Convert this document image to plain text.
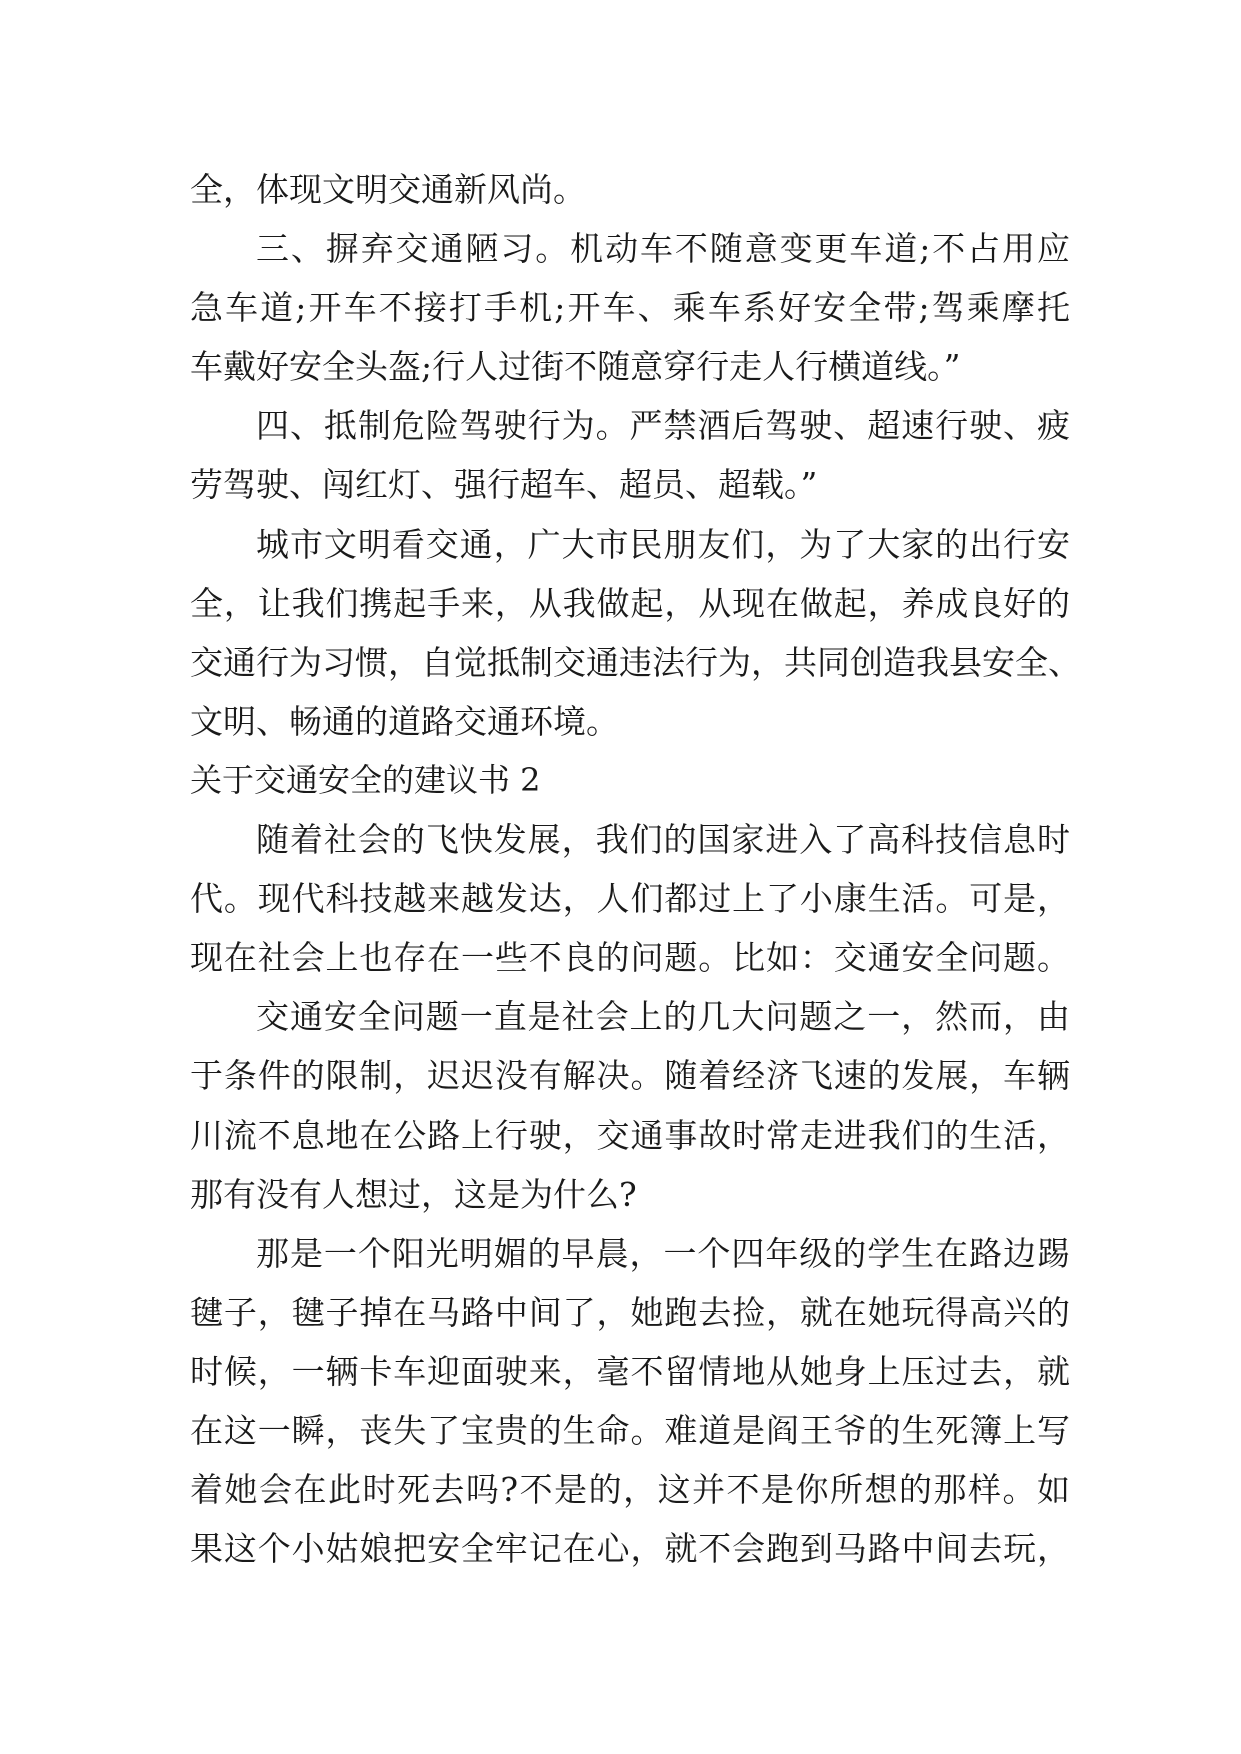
全，体现文明交通新风尚。
三、摒弃交通陋习。机动车不随意变更车道;不占用应
急车道;开车不接打手机;开车、乘车系好安全带;驾乘摩托
车戴好安全头盔;行人过街不随意穿行走人行横道线。”
四、抵制危险驾驶行为。严禁酒后驾驶、超速行驶、疲
劳驾驶、闯红灯、强行超车、超员、超载。”
城市文明看交通，广大市民朋友们，为了大家的出行安
全，让我们携起手来，从我做起，从现在做起，养成良好的
交通行为习惯，自觉抵制交通违法行为，共同创造我县安全、
文明、畅通的道路交通环境。
关于交通安全的建议书 2
随着社会的飞快发展，我们的国家进入了高科技信息时
代。现代科技越来越发达，人们都过上了小康生活。可是，
现在社会上也存在一些不良的问题。比如：交通安全问题。
交通安全问题一直是社会上的几大问题之一，然而，由
于条件的限制，迟迟没有解决。随着经济飞速的发展，车辆
川流不息地在公路上行驶，交通事故时常走进我们的生活，
那有没有人想过，这是为什么?
那是一个阳光明媚的早晨，一个四年级的学生在路边踢
毽子，毽子掉在马路中间了，她跑去捡，就在她玩得高兴的
时候，一辆卡车迎面驶来，毫不留情地从她身上压过去，就
在这一瞬，丧失了宝贵的生命。难道是阎王爷的生死簿上写
着她会在此时死去吗?不是的，这并不是你所想的那样。如
果这个小姑娘把安全牢记在心，就不会跑到马路中间去玩，
